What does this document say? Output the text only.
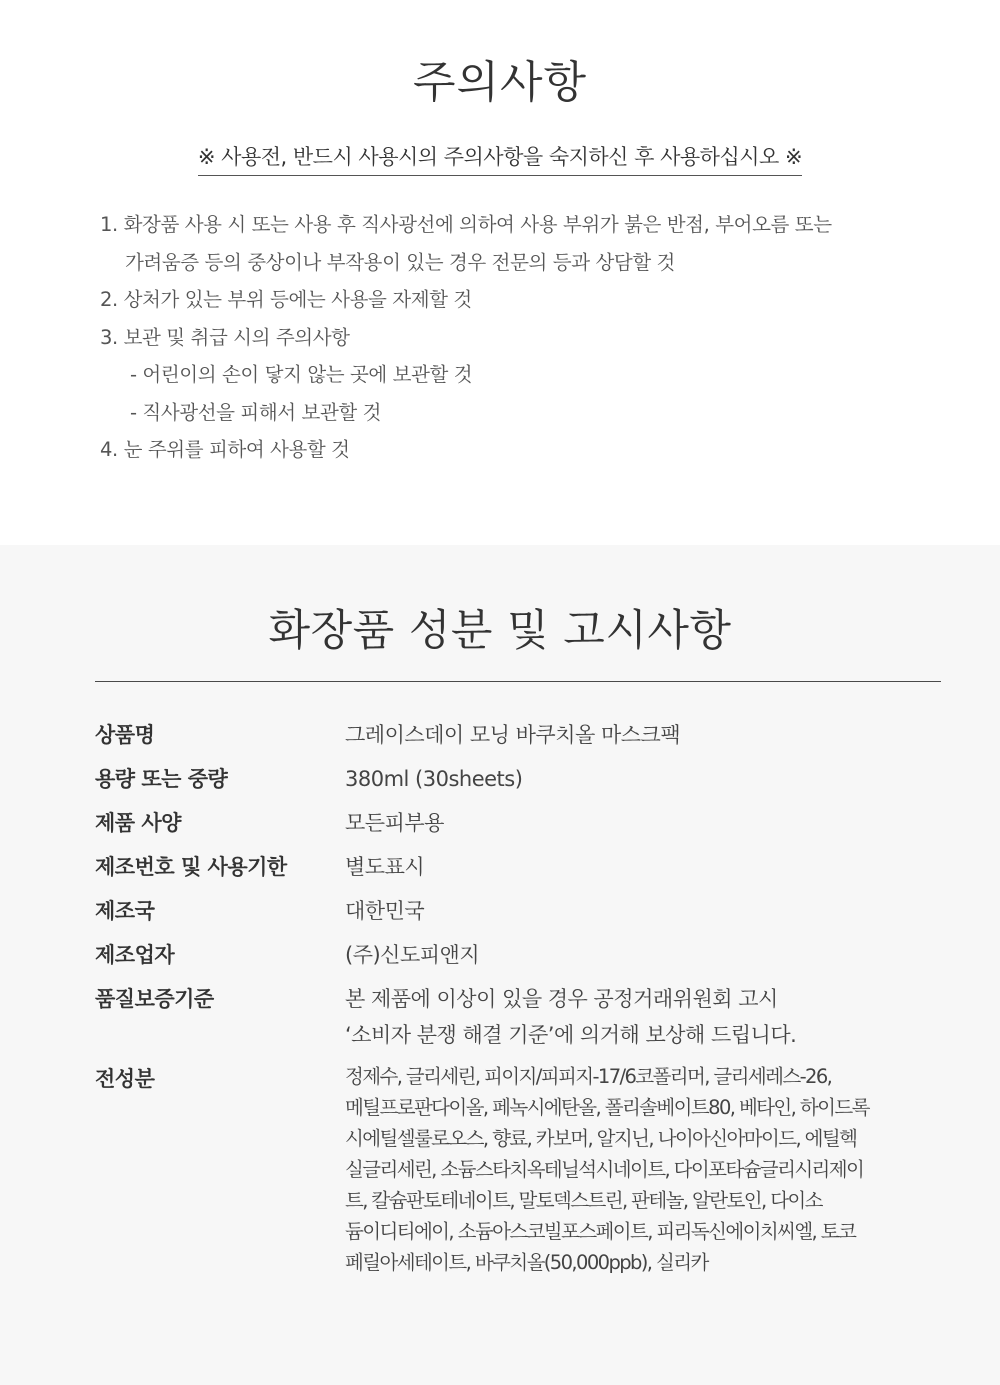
주의사항
※ 사용전, 반드시 사용시의 주의사항을 숙지하신 후 사용하십시오 ※
1. 화장품 사용 시 또는 사용 후 직사광선에 의하여 사용 부위가 붉은 반점, 부어오름 또는
가려움증 등의 중상이나 부작용이 있는 경우 전문의 등과 상담할 것
2. 상처가 있는 부위 등에는 사용을 자제할 것
3. 보관 및 취급 시의 주의사항
- 어린이의 손이 닿지 않는 곳에 보관할 것
- 직사광선을 피해서 보관할 것
4. 눈 주위를 피하여 사용할 것
화장품 성분 및 고시사항
상품명	그레이스데이 모닝 바쿠치올 마스크팩
용량 또는 중량	380ml (30sheets)
제품 사양	모든피부용
제조번호 및 사용기한	별도표시
제조국	대한민국
제조업자	(주)신도피앤지
품질보증기준	본 제품에 이상이 있을 경우 공정거래위원회 고시
‘소비자 분쟁 해결 기준’에 의거해 보상해 드립니다.
전성분	정제수, 글리세린, 피이지/피피지-17/6코폴리머, 글리세레스-26,
메틸프로판다이올, 페녹시에탄올, 폴리솔베이트80, 베타인, 하이드록
시에틸셀룰로오스, 향료, 카보머, 알지닌, 나이아신아마이드, 에틸헥
실글리세린, 소듐스타치옥테닐석시네이트, 다이포타슘글리시리제이
트, 칼슘판토테네이트, 말토덱스트린, 판테놀, 알란토인, 다이소
듐이디티에이, 소듐아스코빌포스페이트, 피리독신에이치씨엘, 토코
페릴아세테이트, 바쿠치올(50,000ppb), 실리카
